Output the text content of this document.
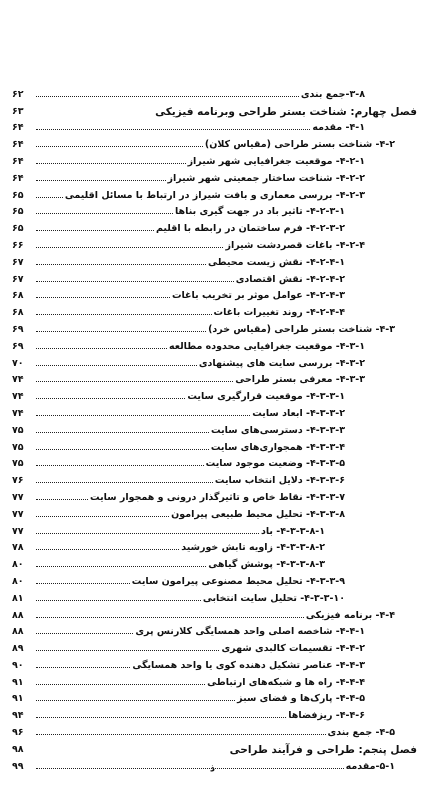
۶۲	۳-۸-جمع بندی
۶۳	فصل چهارم: شناخت بستر طراحی وبرنامه فیزیکی
۶۴	۴-۱- مقدمه
۶۴	۴-۲- شناخت بستر طراحی (مقیاس کلان)
۶۴	۴-۲-۱- موقعیت جغرافیایی شهر شیراز
۶۴	۴-۲-۲- شناخت ساختار جمعیتی شهر شیراز
۶۵	۴-۲-۳- بررسی معماری و بافت شیراز در ارتباط با مسائل اقلیمی
۶۵	۴-۲-۳-۱- تاثیر باد در جهت گیری بناها
۶۵	۴-۲-۳-۲- فرم ساختمان در رابطه با اقلیم
۶۶	۴-۲-۴- باغات قصردشت شیراز
۶۷	۴-۲-۴-۱- نقش زیست محیطی
۶۷	۴-۲-۴-۲- نقش اقتصادی
۶۸	۴-۲-۴-۳- عوامل موثر بر تخریب باغات
۶۸	۴-۲-۴-۴- روند تغییرات باغات
۶۹	۴-۳- شناخت بستر طراحی (مقیاس خرد)
۶۹	۴-۳-۱- موقعیت جغرافیایی محدوده مطالعه
۷۰	۴-۳-۲- بررسی سایت های پیشنهادی
۷۴	۴-۳-۳- معرفی بستر طراحی
۷۴	۴-۳-۳-۱- موقعیت قرارگیری سایت
۷۴	۴-۳-۳-۲- ابعاد سایت
۷۵	۴-۳-۳-۳- دسترسی‌های سایت
۷۵	۴-۳-۳-۴- همجواری‌های سایت
۷۵	۴-۳-۳-۵- وضعیت موجود سایت
۷۶	۴-۳-۳-۶- دلایل انتخاب سایت
۷۷	۴-۳-۳-۷- نقاط خاص و تاثیرگذار درونی و همجوار سایت
۷۷	۴-۳-۳-۸- تحلیل محیط طبیعی پیرامون
۷۷	۴-۳-۳-۸-۱- باد
۷۸	۴-۳-۳-۸-۲- زاویه تابش خورشید
۸۰	۴-۳-۳-۸-۳- پوشش گیاهی
۸۰	۴-۳-۳-۹- تحلیل محیط مصنوعی پیرامون سایت
۸۱	۴-۳-۳-۱۰- تحلیل سایت انتخابی
۸۸	۴-۴- برنامه فیزیکی
۸۸	۴-۴-۱- شاخصه اصلی واحد همسایگی کلارنس پری
۸۹	۴-۴-۲- تقسیمات کالبدی شهری
۹۰	۴-۴-۳- عناصر تشکیل دهنده کوی یا واحد همسایگی
۹۱	۴-۴-۴- راه ها و شبکه‌های ارتباطی
۹۱	۴-۴-۵- پارک‌ها و فضای سبز
۹۴	۴-۴-۶- ریزفضاها
۹۶	۴-۵- جمع بندی
۹۸	فصل پنجم: طراحی و فرآیند طراحی
۹۹	۵-۱-مقدمه
ذ
